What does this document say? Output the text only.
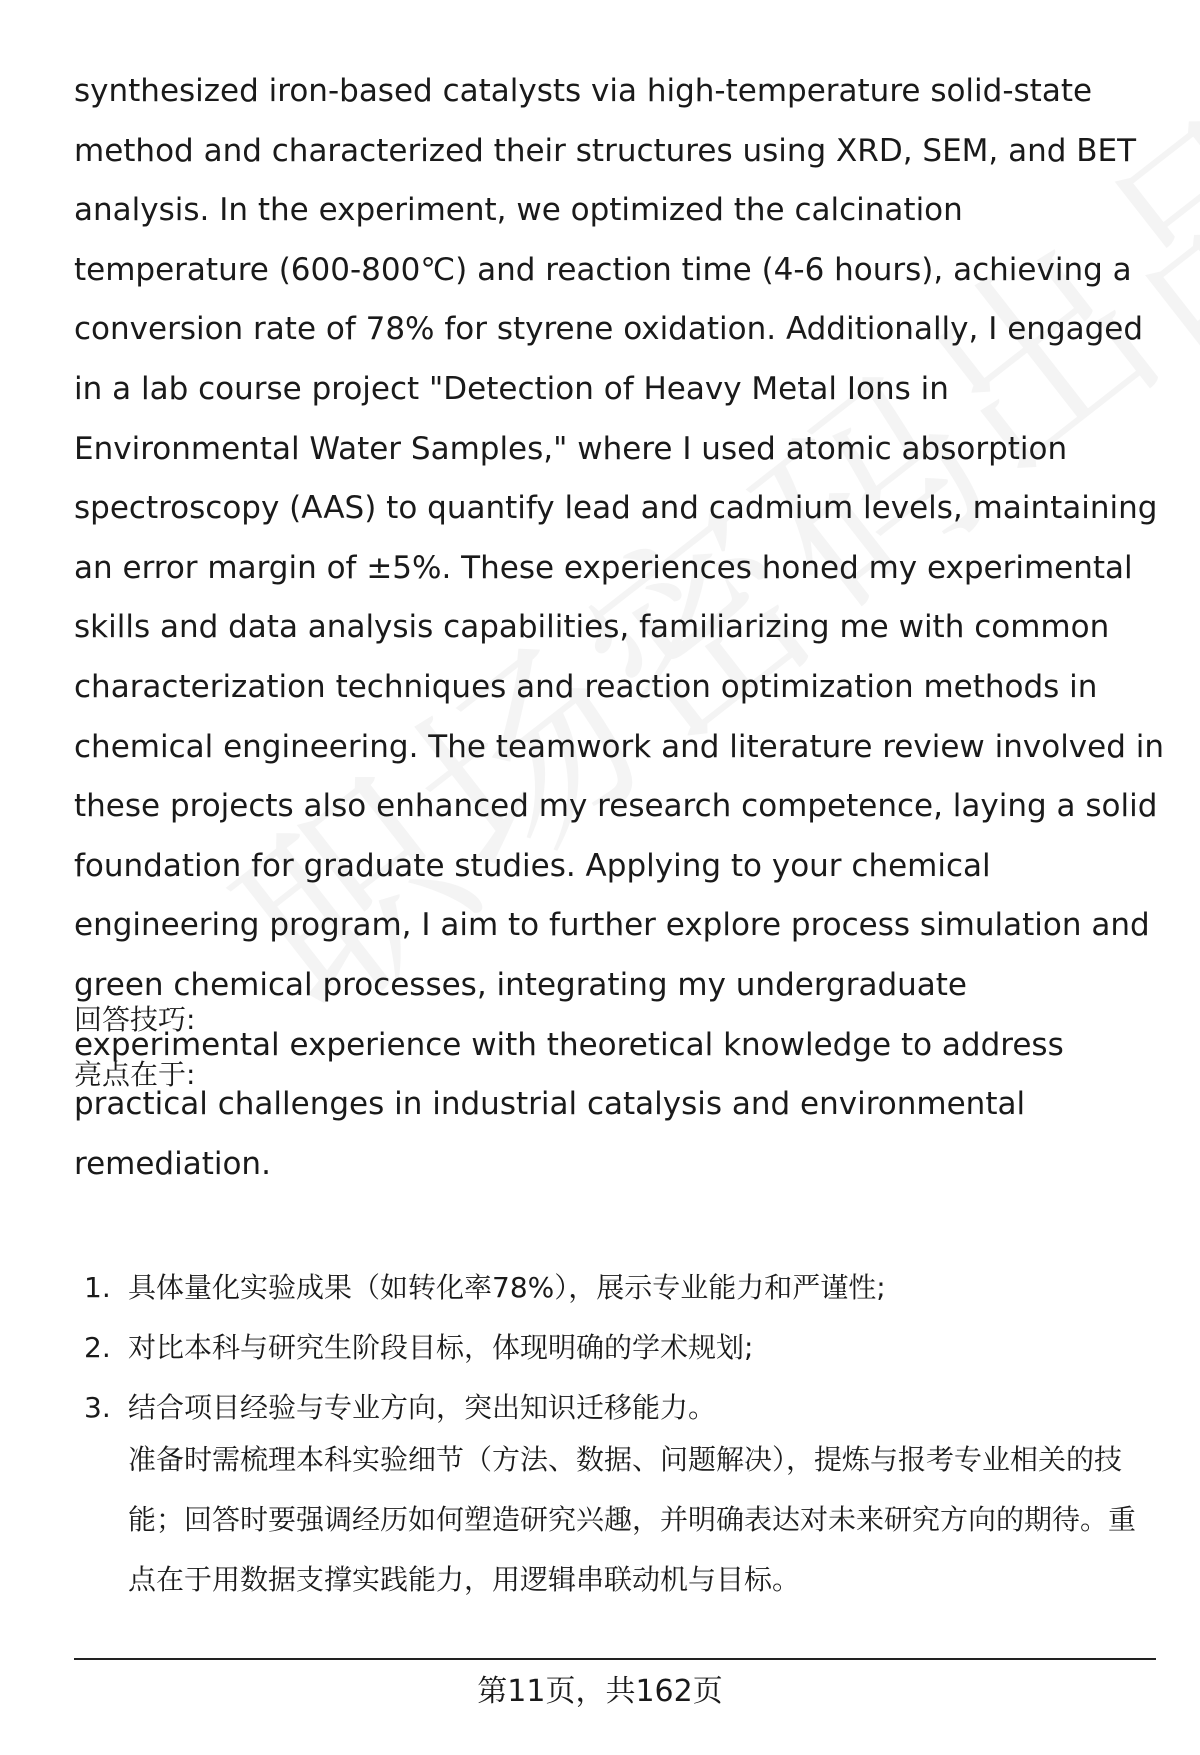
synthesized iron-based catalysts via high-temperature solid-state method and characterized their structures using XRD, SEM, and BET analysis. In the experiment, we optimized the calcination temperature (600-800℃) and reaction time (4-6 hours), achieving a conversion rate of 78% for styrene oxidation. Additionally, I engaged in a lab course project "Detection of Heavy Metal Ions in Environmental Water Samples," where I used atomic absorption spectroscopy (AAS) to quantify lead and cadmium levels, maintaining an error margin of ±5%. These experiences honed my experimental skills and data analysis capabilities, familiarizing me with common characterization techniques and reaction optimization methods in chemical engineering. The teamwork and literature review involved in these projects also enhanced my research competence, laying a solid foundation for graduate studies. Applying to your chemical engineering program, I aim to further explore process simulation and green chemical processes, integrating my undergraduate experimental experience with theoretical knowledge to address practical challenges in industrial catalysis and environmental remediation.

回答技巧:
亮点在于:
1. 具体量化实验成果（如转化率78%），展示专业能力和严谨性;
2. 对比本科与研究生阶段目标，体现明确的学术规划;
3. 结合项目经验与专业方向，突出知识迁移能力。

准备时需梳理本科实验细节（方法、数据、问题解决），提炼与报考专业相关的技能；回答时要强调经历如何塑造研究兴趣，并明确表达对未来研究方向的期待。重点在于用数据支撑实践能力，用逻辑串联动机与目标。

第11页，共162页
